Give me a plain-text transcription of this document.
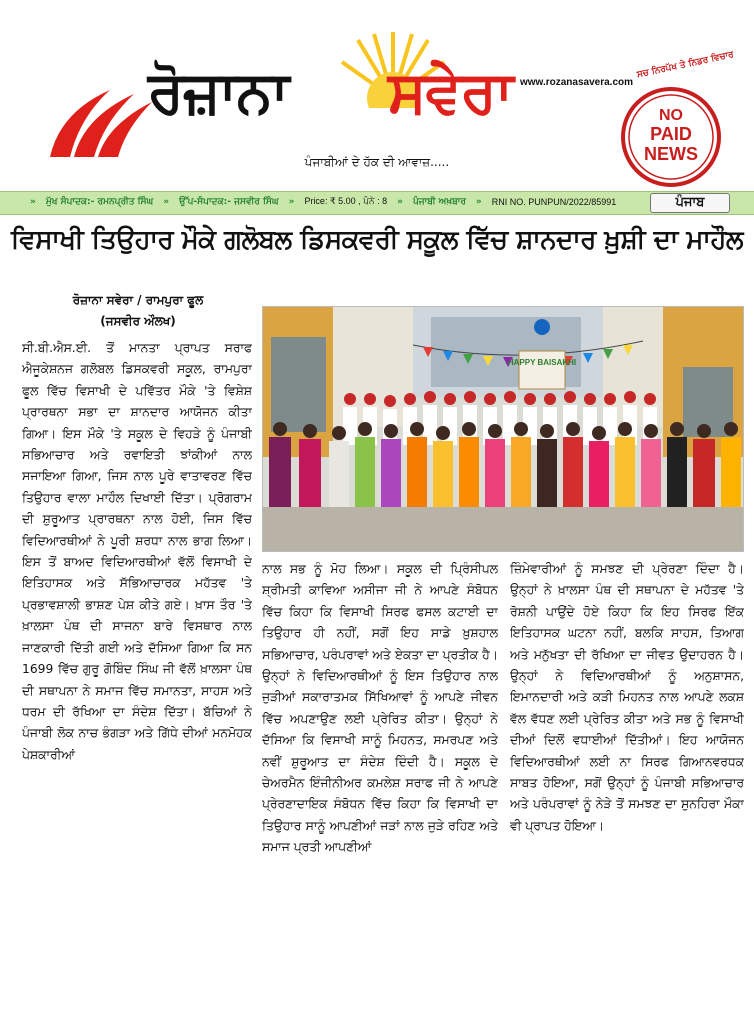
ਰੋਜ਼ਾਨਾ ਸਵੇਰਾ www.rozanasavera.com
ਪੰਜਾਬੀਆਂ ਦੇ ਹੱਕ ਦੀ ਆਵਾਜ਼.....
ਸਚ ਨਿਰਪੱਖ ਤੇ ਨਿਡਰ ਵਿਚਾਰ
NO
PAID
NEWS
» ਮੁੱਖ ਸੰਪਾਦਕ:- ਰਮਨਪ੍ਰੀਤ ਸਿੰਘ » ਉੱਪ-ਸੰਪਾਦਕ:- ਜਸਵੀਰ ਸਿੰਘ » Price: ₹ 5.00 , ਪੰਨੇ : 8 » ਪੰਜਾਬੀ ਅਖ਼ਬਾਰ » RNI NO. PUNPUN/2022/85991	ਪੰਜਾਬ
ਵਿਸਾਖੀ ਤਿਉਹਾਰ ਮੌਕੇ ਗਲੋਬਲ ਡਿਸਕਵਰੀ ਸਕੂਲ ਵਿੱਚ ਸ਼ਾਨਦਾਰ ਖ਼ੁਸ਼ੀ ਦਾ ਮਾਹੌਲ
ਰੋਜ਼ਾਨਾ ਸਵੇਰਾ / ਰਾਮਪੁਰਾ ਫੂਲ
(ਜਸਵੀਰ ਔਲਖ)
ਸੀ.ਬੀ.ਐਸ.ਈ. ਤੋਂ ਮਾਨਤਾ ਪ੍ਰਾਪਤ ਸਰਾਫ ਐਜੂਕੇਸ਼ਨਜ ਗਲੋਬਲ ਡਿਸਕਵਰੀ ਸਕੂਲ, ਰਾਮਪੁਰਾ ਫੂਲ ਵਿੱਚ ਵਿਸਾਖੀ ਦੇ ਪਵਿੱਤਰ ਮੌਕੇ 'ਤੇ ਵਿਸ਼ੇਸ਼ ਪ੍ਰਾਰਥਨਾ ਸਭਾ ਦਾ ਸ਼ਾਨਦਾਰ ਆਯੋਜਨ ਕੀਤਾ ਗਿਆ। ਇਸ ਮੌਕੇ 'ਤੇ ਸਕੂਲ ਦੇ ਵਿਹੜੇ ਨੂੰ ਪੰਜਾਬੀ ਸਭਿਆਚਾਰ ਅਤੇ ਰਵਾਇਤੀ ਝਾਂਕੀਆਂ ਨਾਲ ਸਜਾਇਆ ਗਿਆ, ਜਿਸ ਨਾਲ ਪੂਰੇ ਵਾਤਾਵਰਣ ਵਿੱਚ ਤਿਉਹਾਰ ਵਾਲਾ ਮਾਹੌਲ ਦਿਖਾਈ ਦਿੱਤਾ। ਪ੍ਰੋਗਰਾਮ ਦੀ ਸ਼ੁਰੂਆਤ ਪ੍ਰਾਰਥਨਾ ਨਾਲ ਹੋਈ, ਜਿਸ ਵਿੱਚ ਵਿਦਿਆਰਥੀਆਂ ਨੇ ਪੂਰੀ ਸ਼ਰਧਾ ਨਾਲ ਭਾਗ ਲਿਆ। ਇਸ ਤੋਂ ਬਾਅਦ ਵਿਦਿਆਰਥੀਆਂ ਵੱਲੋਂ ਵਿਸਾਖੀ ਦੇ ਇਤਿਹਾਸਕ ਅਤੇ ਸੱਭਿਆਚਾਰਕ ਮਹੱਤਵ 'ਤੇ ਪ੍ਰਭਾਵਸ਼ਾਲੀ ਭਾਸ਼ਣ ਪੇਸ਼ ਕੀਤੇ ਗਏ। ਖ਼ਾਸ ਤੌਰ 'ਤੇ ਖ਼ਾਲਸਾ ਪੰਥ ਦੀ ਸਾਜਨਾ ਬਾਰੇ ਵਿਸਥਾਰ ਨਾਲ ਜਾਣਕਾਰੀ ਦਿੱਤੀ ਗਈ ਅਤੇ ਦੱਸਿਆ ਗਿਆ ਕਿ ਸਨ 1699 ਵਿੱਚ ਗੁਰੂ ਗੋਬਿੰਦ ਸਿੰਘ ਜੀ ਵੱਲੋਂ ਖ਼ਾਲਸਾ ਪੰਥ ਦੀ ਸਥਾਪਨਾ ਨੇ ਸਮਾਜ ਵਿੱਚ ਸਮਾਨਤਾ, ਸਾਹਸ ਅਤੇ ਧਰਮ ਦੀ ਰੱਖਿਆ ਦਾ ਸੰਦੇਸ਼ ਦਿੱਤਾ। ਬੱਚਿਆਂ ਨੇ ਪੰਜਾਬੀ ਲੋਕ ਨਾਚ ਭੰਗੜਾ ਅਤੇ ਗਿੱਧੇ ਦੀਆਂ ਮਨਮੋਹਕ ਪੇਸ਼ਕਾਰੀਆਂ
ਨਾਲ ਸਭ ਨੂੰ ਮੋਹ ਲਿਆ। ਸਕੂਲ ਦੀ ਪ੍ਰਿੰਸੀਪਲ ਸ਼੍ਰੀਮਤੀ ਕਾਵਿਆ ਅਸੀਜਾ ਜੀ ਨੇ ਆਪਣੇ ਸੰਬੋਧਨ ਵਿੱਚ ਕਿਹਾ ਕਿ ਵਿਸਾਖੀ ਸਿਰਫ ਫਸਲ ਕਟਾਈ ਦਾ ਤਿਉਹਾਰ ਹੀ ਨਹੀਂ, ਸਗੋਂ ਇਹ ਸਾਡੇ ਖ਼ੁਸ਼ਹਾਲ ਸਭਿਆਚਾਰ, ਪਰੰਪਰਾਵਾਂ ਅਤੇ ਏਕਤਾ ਦਾ ਪ੍ਰਤੀਕ ਹੈ। ਉਨ੍ਹਾਂ ਨੇ ਵਿਦਿਆਰਥੀਆਂ ਨੂੰ ਇਸ ਤਿਉਹਾਰ ਨਾਲ ਜੁੜੀਆਂ ਸਕਾਰਾਤਮਕ ਸਿੱਖਿਆਵਾਂ ਨੂੰ ਆਪਣੇ ਜੀਵਨ ਵਿੱਚ ਅਪਣਾਉਣ ਲਈ ਪ੍ਰੇਰਿਤ ਕੀਤਾ। ਉਨ੍ਹਾਂ ਨੇ ਦੱਸਿਆ ਕਿ ਵਿਸਾਖੀ ਸਾਨੂੰ ਮਿਹਨਤ, ਸਮਰਪਣ ਅਤੇ ਨਵੀਂ ਸ਼ੁਰੂਆਤ ਦਾ ਸੰਦੇਸ਼ ਦਿੰਦੀ ਹੈ। ਸਕੂਲ ਦੇ ਚੇਅਰਮੈਨ ਇੰਜੀਨੀਅਰ ਕਮਲੇਸ਼ ਸਰਾਫ ਜੀ ਨੇ ਆਪਣੇ ਪ੍ਰੇਰਣਾਦਾਇਕ ਸੰਬੋਧਨ ਵਿੱਚ ਕਿਹਾ ਕਿ ਵਿਸਾਖੀ ਦਾ ਤਿਉਹਾਰ ਸਾਨੂੰ ਆਪਣੀਆਂ ਜੜਾਂ ਨਾਲ ਜੁੜੇ ਰਹਿਣ ਅਤੇ ਸਮਾਜ ਪ੍ਰਤੀ ਆਪਣੀਆਂ
ਜ਼ਿੰਮੇਵਾਰੀਆਂ ਨੂੰ ਸਮਝਣ ਦੀ ਪ੍ਰੇਰਣਾ ਦਿੰਦਾ ਹੈ। ਉਨ੍ਹਾਂ ਨੇ ਖ਼ਾਲਸਾ ਪੰਥ ਦੀ ਸਥਾਪਨਾ ਦੇ ਮਹੱਤਵ 'ਤੇ ਰੋਸ਼ਨੀ ਪਾਉਂਦੇ ਹੋਏ ਕਿਹਾ ਕਿ ਇਹ ਸਿਰਫ ਇੱਕ ਇਤਿਹਾਸਕ ਘਟਨਾ ਨਹੀਂ, ਬਲਕਿ ਸਾਹਸ, ਤਿਆਗ ਅਤੇ ਮਨੁੱਖਤਾ ਦੀ ਰੱਖਿਆ ਦਾ ਜੀਵਤ ਉਦਾਹਰਨ ਹੈ। ਉਨ੍ਹਾਂ ਨੇ ਵਿਦਿਆਰਥੀਆਂ ਨੂੰ ਅਨੁਸ਼ਾਸਨ, ਇਮਾਨਦਾਰੀ ਅਤੇ ਕੜੀ ਮਿਹਨਤ ਨਾਲ ਆਪਣੇ ਲਕਸ਼ ਵੱਲ ਵੱਧਣ ਲਈ ਪ੍ਰੇਰਿਤ ਕੀਤਾ ਅਤੇ ਸਭ ਨੂੰ ਵਿਸਾਖੀ ਦੀਆਂ ਦਿਲੋਂ ਵਧਾਈਆਂ ਦਿੱਤੀਆਂ। ਇਹ ਆਯੋਜਨ ਵਿਦਿਆਰਥੀਆਂ ਲਈ ਨਾ ਸਿਰਫ ਗਿਆਨਵਰਧਕ ਸਾਬਤ ਹੋਇਆ, ਸਗੋਂ ਉਨ੍ਹਾਂ ਨੂੰ ਪੰਜਾਬੀ ਸਭਿਆਚਾਰ ਅਤੇ ਪਰੰਪਰਾਵਾਂ ਨੂੰ ਨੇੜੇ ਤੋਂ ਸਮਝਣ ਦਾ ਸੁਨਹਿਰਾ ਮੌਕਾ ਵੀ ਪ੍ਰਾਪਤ ਹੋਇਆ।
HAPPY BAISAKHI
